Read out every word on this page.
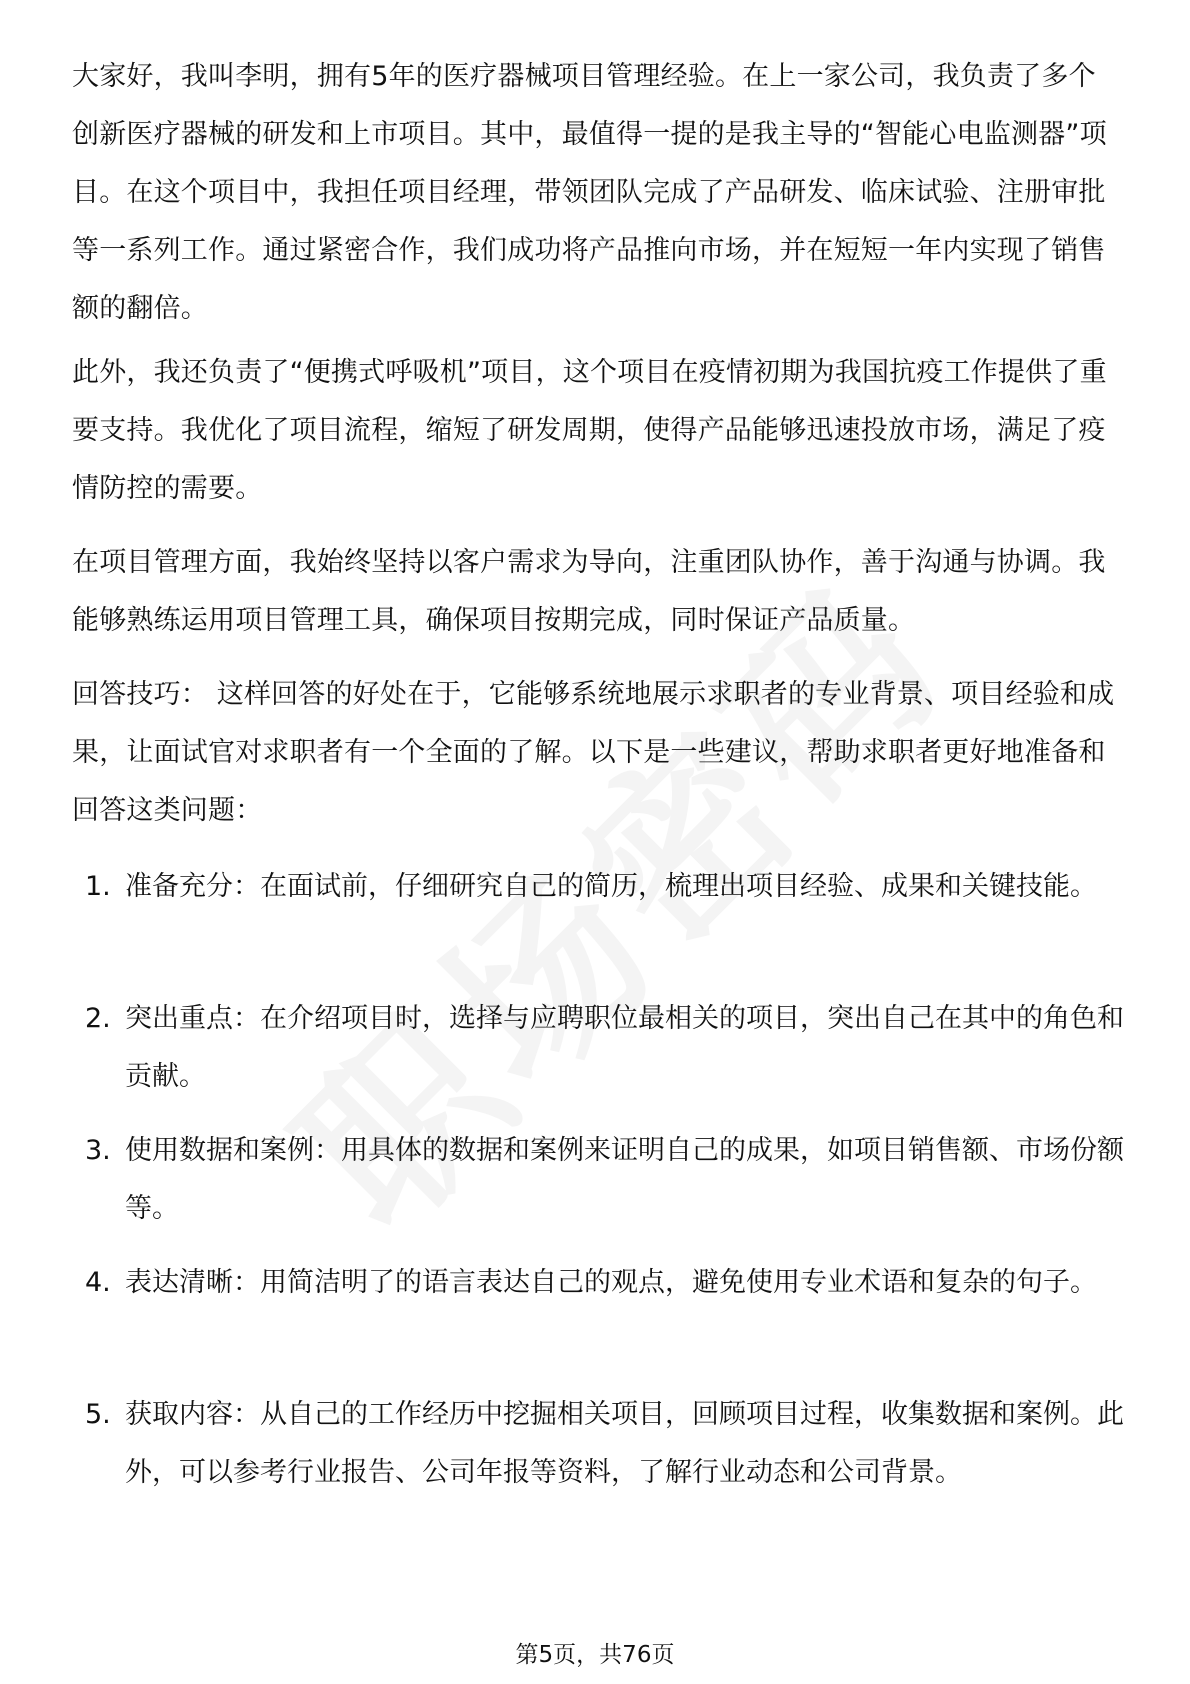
大家好，我叫李明，拥有5年的医疗器械项目管理经验。在上一家公司，我负责了多个创新医疗器械的研发和上市项目。其中，最值得一提的是我主导的“智能心电监测器”项目。在这个项目中，我担任项目经理，带领团队完成了产品研发、临床试验、注册审批等一系列工作。通过紧密合作，我们成功将产品推向市场，并在短短一年内实现了销售额的翻倍。

此外，我还负责了“便携式呼吸机”项目，这个项目在疫情初期为我国抗疫工作提供了重要支持。我优化了项目流程，缩短了研发周期，使得产品能够迅速投放市场，满足了疫情防控的需要。

在项目管理方面，我始终坚持以客户需求为导向，注重团队协作，善于沟通与协调。我能够熟练运用项目管理工具，确保项目按期完成，同时保证产品质量。

回答技巧： 这样回答的好处在于，它能够系统地展示求职者的专业背景、项目经验和成果，让面试官对求职者有一个全面的了解。以下是一些建议，帮助求职者更好地准备和回答这类问题：

1. 准备充分：在面试前，仔细研究自己的简历，梳理出项目经验、成果和关键技能。
2. 突出重点：在介绍项目时，选择与应聘职位最相关的项目，突出自己在其中的角色和贡献。
3. 使用数据和案例：用具体的数据和案例来证明自己的成果，如项目销售额、市场份额等。
4. 表达清晰：用简洁明了的语言表达自己的观点，避免使用专业术语和复杂的句子。
5. 获取内容：从自己的工作经历中挖掘相关项目，回顾项目过程，收集数据和案例。此外，可以参考行业报告、公司年报等资料，了解行业动态和公司背景。
第5页，共76页
